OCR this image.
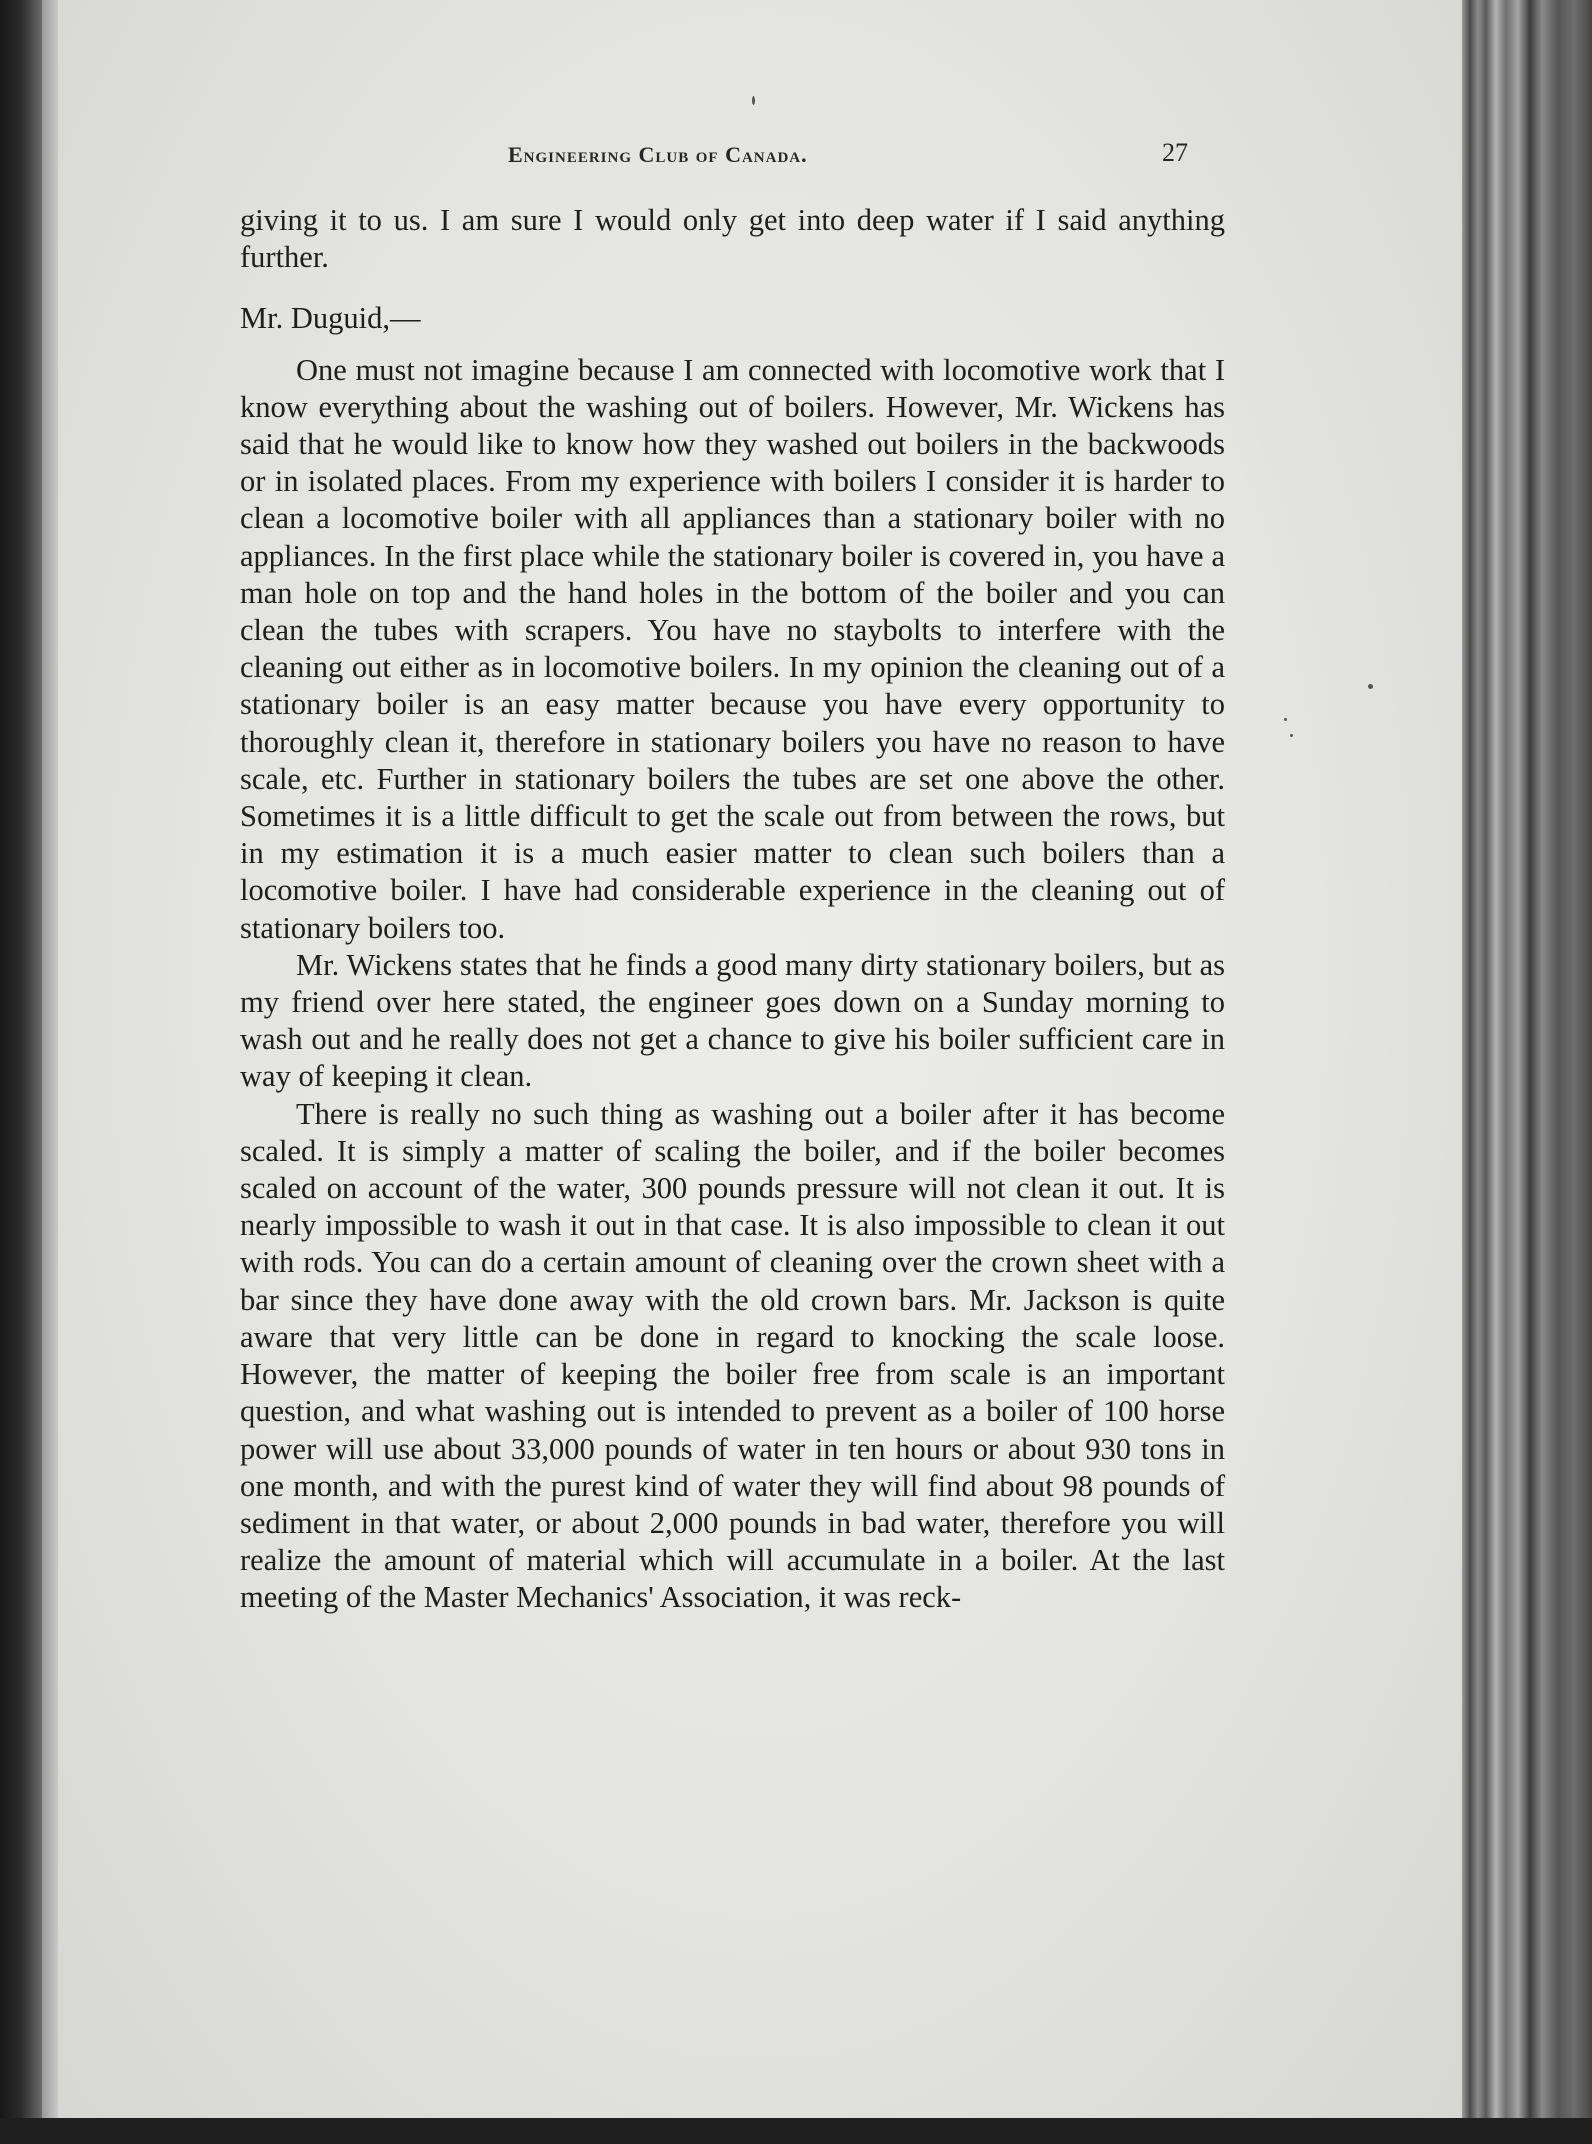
Engineering Club of Canada.	27

giving it to us. I am sure I would only get into deep water if I said anything further.

Mr. Duguid,—

One must not imagine because I am connected with locomotive work that I know everything about the washing out of boilers. However, Mr. Wickens has said that he would like to know how they washed out boilers in the backwoods or in isolated places. From my experience with boilers I consider it is harder to clean a locomotive boiler with all appliances than a stationary boiler with no appliances. In the first place while the stationary boiler is covered in, you have a man hole on top and the hand holes in the bottom of the boiler and you can clean the tubes with scrapers. You have no staybolts to interfere with the cleaning out either as in locomotive boilers. In my opinion the cleaning out of a stationary boiler is an easy matter because you have every opportunity to thoroughly clean it, therefore in stationary boilers you have no reason to have scale, etc. Further in stationary boilers the tubes are set one above the other. Sometimes it is a little difficult to get the scale out from between the rows, but in my estimation it is a much easier matter to clean such boilers than a locomotive boiler. I have had considerable experience in the cleaning out of stationary boilers too.

Mr. Wickens states that he finds a good many dirty stationary boilers, but as my friend over here stated, the engineer goes down on a Sunday morning to wash out and he really does not get a chance to give his boiler sufficient care in way of keeping it clean.

There is really no such thing as washing out a boiler after it has become scaled. It is simply a matter of scaling the boiler, and if the boiler becomes scaled on account of the water, 300 pounds pressure will not clean it out. It is nearly impossible to wash it out in that case. It is also impossible to clean it out with rods. You can do a certain amount of cleaning over the crown sheet with a bar since they have done away with the old crown bars. Mr. Jackson is quite aware that very little can be done in regard to knocking the scale loose. However, the matter of keeping the boiler free from scale is an important question, and what washing out is intended to prevent as a boiler of 100 horse power will use about 33,000 pounds of water in ten hours or about 930 tons in one month, and with the purest kind of water they will find about 98 pounds of sediment in that water, or about 2,000 pounds in bad water, therefore you will realize the amount of material which will accumulate in a boiler. At the last meeting of the Master Mechanics' Association, it was reck-
